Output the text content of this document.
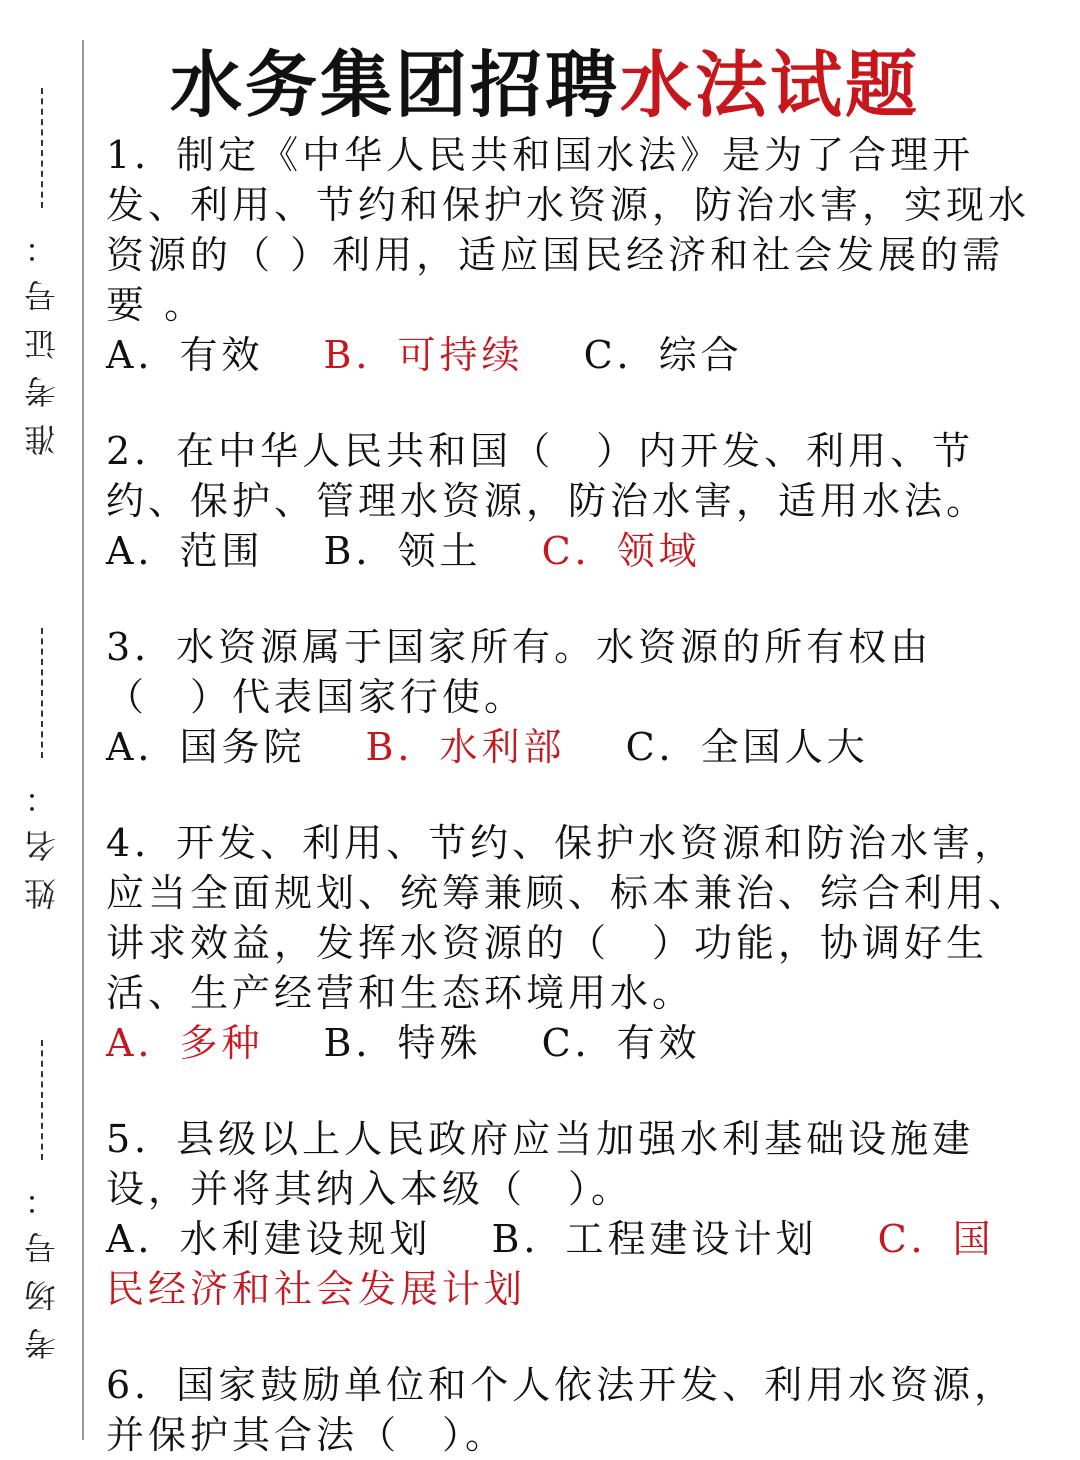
准考证号：
姓名：
考场号：
水务集团招聘水法试题

1．制定《中华人民共和国水法》是为了合理开发、利用、节约和保护水资源，防治水害，实现水资源的（ ）利用，适应国民经济和社会发展的需要 。

A．有效 B．可持续 C．综合

2．在中华人民共和国（　）内开发、利用、节约、保护、管理水资源，防治水害，适用水法。

A．范围 B．领土 C．领域

3．水资源属于国家所有。水资源的所有权由（　）代表国家行使。

A．国务院 B．水利部 C．全国人大

4．开发、利用、节约、保护水资源和防治水害，应当全面规划、统筹兼顾、标本兼治、综合利用、讲求效益，发挥水资源的（　）功能，协调好生活、生产经营和生态环境用水。

A．多种 B．特殊 C．有效

5．县级以上人民政府应当加强水利基础设施建设，并将其纳入本级（　）。

A．水利建设规划 B．工程建设计划 C．国民经济和社会发展计划

6．国家鼓励单位和个人依法开发、利用水资源，并保护其合法（　）。
